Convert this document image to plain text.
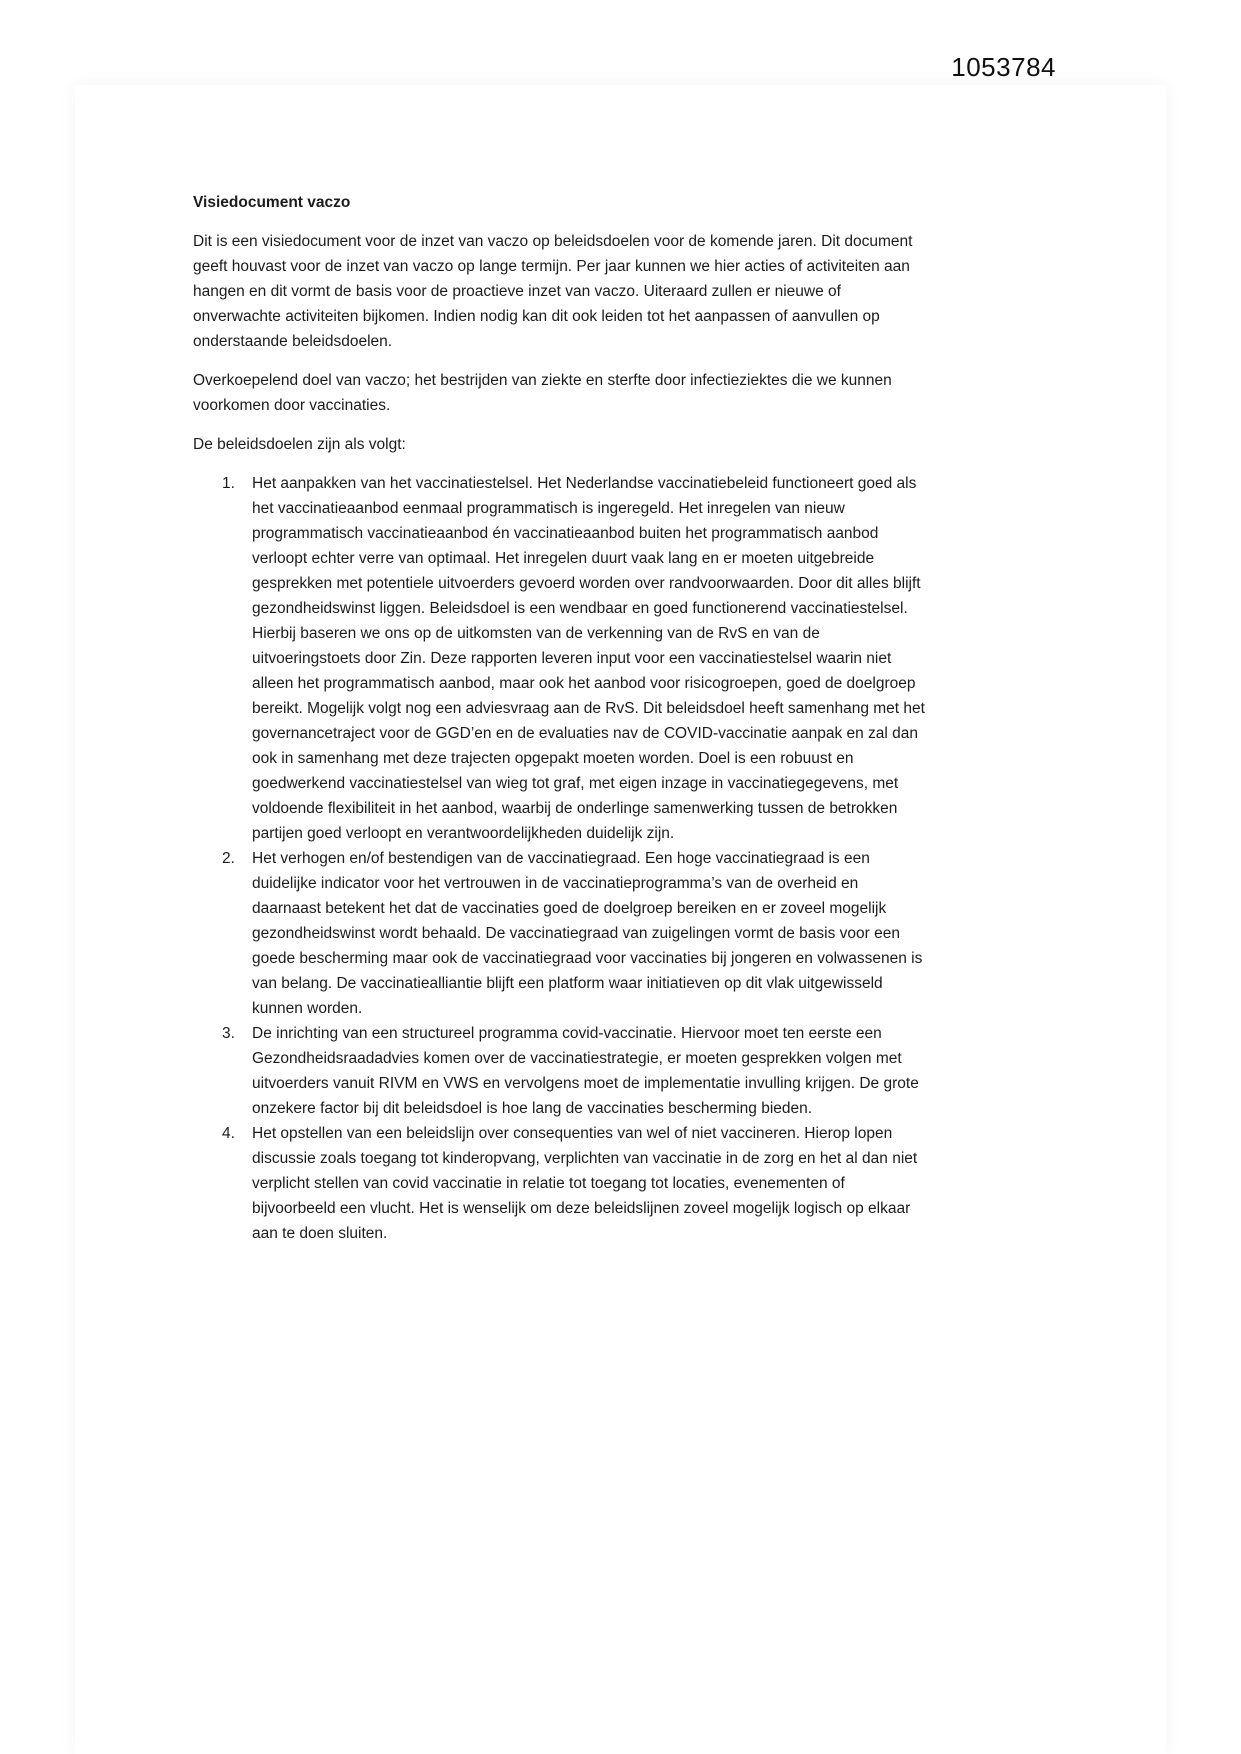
1053784
Visiedocument vaczo

Dit is een visiedocument voor de inzet van vaczo op beleidsdoelen voor de komende jaren. Dit document geeft houvast voor de inzet van vaczo op lange termijn. Per jaar kunnen we hier acties of activiteiten aan hangen en dit vormt de basis voor de proactieve inzet van vaczo. Uiteraard zullen er nieuwe of onverwachte activiteiten bijkomen. Indien nodig kan dit ook leiden tot het aanpassen of aanvullen op onderstaande beleidsdoelen.

Overkoepelend doel van vaczo; het bestrijden van ziekte en sterfte door infectieziektes die we kunnen voorkomen door vaccinaties.

De beleidsdoelen zijn als volgt:

1.	Het aanpakken van het vaccinatiestelsel. Het Nederlandse vaccinatiebeleid functioneert goed als het vaccinatieaanbod eenmaal programmatisch is ingeregeld. Het inregelen van nieuw programmatisch vaccinatieaanbod én vaccinatieaanbod buiten het programmatisch aanbod verloopt echter verre van optimaal. Het inregelen duurt vaak lang en er moeten uitgebreide gesprekken met potentiele uitvoerders gevoerd worden over randvoorwaarden. Door dit alles blijft gezondheidswinst liggen. Beleidsdoel is een wendbaar en goed functionerend vaccinatiestelsel. Hierbij baseren we ons op de uitkomsten van de verkenning van de RvS en van de uitvoeringstoets door Zin. Deze rapporten leveren input voor een vaccinatiestelsel waarin niet alleen het programmatisch aanbod, maar ook het aanbod voor risicogroepen, goed de doelgroep bereikt. Mogelijk volgt nog een adviesvraag aan de RvS. Dit beleidsdoel heeft samenhang met het governancetraject voor de GGD’en en de evaluaties nav de COVID-vaccinatie aanpak en zal dan ook in samenhang met deze trajecten opgepakt moeten worden. Doel is een robuust en goedwerkend vaccinatiestelsel van wieg tot graf, met eigen inzage in vaccinatiegegevens, met voldoende flexibiliteit in het aanbod, waarbij de onderlinge samenwerking tussen de betrokken partijen goed verloopt en verantwoordelijkheden duidelijk zijn.
2.	Het verhogen en/of bestendigen van de vaccinatiegraad. Een hoge vaccinatiegraad is een duidelijke indicator voor het vertrouwen in de vaccinatieprogramma’s van de overheid en daarnaast betekent het dat de vaccinaties goed de doelgroep bereiken en er zoveel mogelijk gezondheidswinst wordt behaald. De vaccinatiegraad van zuigelingen vormt de basis voor een goede bescherming maar ook de vaccinatiegraad voor vaccinaties bij jongeren en volwassenen is van belang. De vaccinatiealliantie blijft een platform waar initiatieven op dit vlak uitgewisseld kunnen worden.
3.	De inrichting van een structureel programma covid-vaccinatie. Hiervoor moet ten eerste een Gezondheidsraadadvies komen over de vaccinatiestrategie, er moeten gesprekken volgen met uitvoerders vanuit RIVM en VWS en vervolgens moet de implementatie invulling krijgen. De grote onzekere factor bij dit beleidsdoel is hoe lang de vaccinaties bescherming bieden.
4.	Het opstellen van een beleidslijn over consequenties van wel of niet vaccineren. Hierop lopen discussie zoals toegang tot kinderopvang, verplichten van vaccinatie in de zorg en het al dan niet verplicht stellen van covid vaccinatie in relatie tot toegang tot locaties, evenementen of bijvoorbeeld een vlucht. Het is wenselijk om deze beleidslijnen zoveel mogelijk logisch op elkaar aan te doen sluiten.
